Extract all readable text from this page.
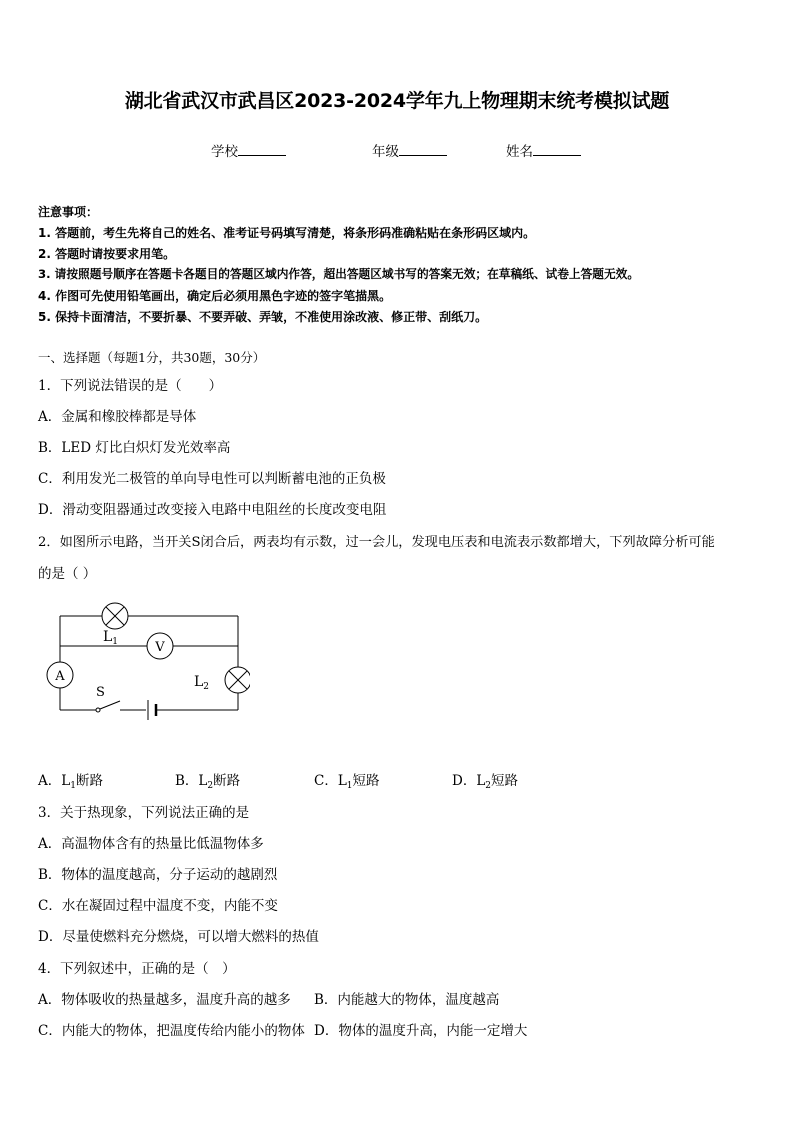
湖北省武汉市武昌区2023-2024学年九上物理期末统考模拟试题
学校	年级	姓名
注意事项：
1. 答题前，考生先将自己的姓名、准考证号码填写清楚，将条形码准确粘贴在条形码区域内。
2. 答题时请按要求用笔。
3. 请按照题号顺序在答题卡各题目的答题区域内作答，超出答题区域书写的答案无效；在草稿纸、试卷上答题无效。
4. 作图可先使用铅笔画出，确定后必须用黑色字迹的签字笔描黑。
5. 保持卡面清洁，不要折暴、不要弄破、弄皱，不准使用涂改液、修正带、刮纸刀。
一、选择题（每题1分，共30题，30分）
1．下列说法错误的是（　　）
A．金属和橡胶棒都是导体
B．LED 灯比白炽灯发光效率高
C．利用发光二极管的单向导电性可以判断蓄电池的正负极
D．滑动变阻器通过改变接入电路中电阻丝的长度改变电阻
2．如图所示电路，当开关S闭合后，两表均有示数，过一会儿，发现电压表和电流表示数都增大，下列故障分析可能
的是（ ）
$L_1$	V
A	$L_2$
S
A．$L_1$断路	B．$L_2$断路	C．$L_1$短路	D．$L_2$短路
3．关于热现象，下列说法正确的是
A．高温物体含有的热量比低温物体多
B．物体的温度越高，分子运动的越剧烈
C．水在凝固过程中温度不变，内能不变
D．尽量使燃料充分燃烧，可以增大燃料的热值
4．下列叙述中，正确的是（　）
A．物体吸收的热量越多，温度升高的越多 B．内能越大的物体，温度越高
C．内能大的物体，把温度传给内能小的物体 D．物体的温度升高，内能一定增大
